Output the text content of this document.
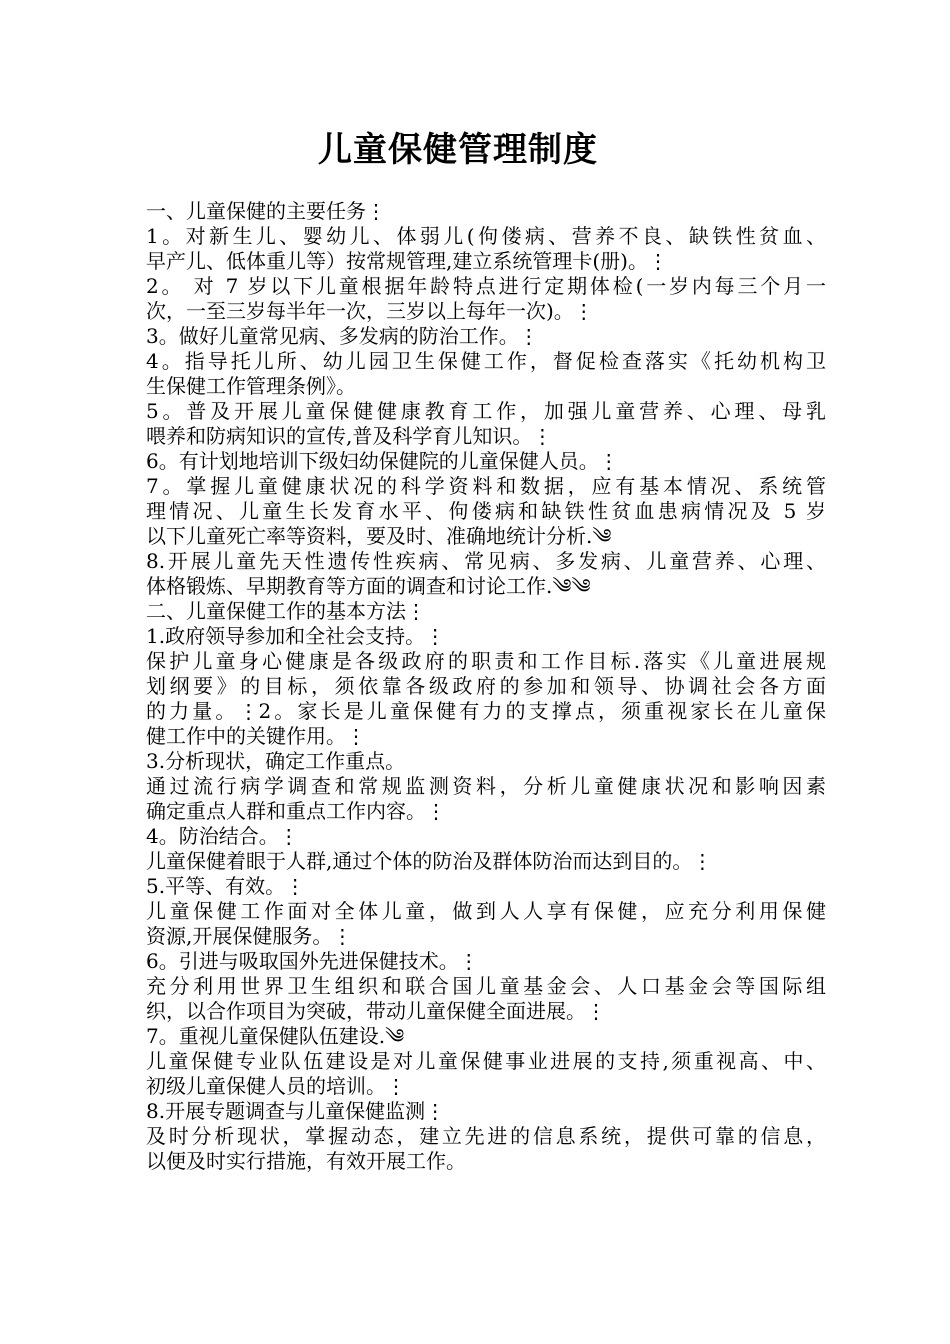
儿童保健管理制度
一、儿童保健的主要任务⋮
1。对新生儿、婴幼儿、体弱儿(佝偻病、营养不良、缺铁性贫血、
早产儿、低体重儿等）按常规管理,建立系统管理卡(册)。⋮
2。 对 7 岁以下儿童根据年龄特点进行定期体检(一岁内每三个月一
次，一至三岁每半年一次，三岁以上每年一次)。⋮
3。做好儿童常见病、多发病的防治工作。⋮
4。指导托儿所、幼儿园卫生保健工作，督促检查落实《托幼机构卫
生保健工作管理条例》。
5。普及开展儿童保健健康教育工作，加强儿童营养、心理、母乳
喂养和防病知识的宣传,普及科学育儿知识。⋮
6。有计划地培训下级妇幼保健院的儿童保健人员。⋮
7。掌握儿童健康状况的科学资料和数据，应有基本情况、系统管
理情况、儿童生长发育水平、佝偻病和缺铁性贫血患病情况及 5 岁
以下儿童死亡率等资料，要及时、准确地统计分析.༄
8.开展儿童先天性遗传性疾病、常见病、多发病、儿童营养、心理、
体格锻炼、早期教育等方面的调查和讨论工作.༄༄
二、儿童保健工作的基本方法⋮
1.政府领导参加和全社会支持。⋮
保护儿童身心健康是各级政府的职责和工作目标.落实《儿童进展规
划纲要》的目标，须依靠各级政府的参加和领导、协调社会各方面
的力量。⋮2。家长是儿童保健有力的支撑点，须重视家长在儿童保
健工作中的关键作用。⋮
3.分析现状，确定工作重点。
通过流行病学调查和常规监测资料，分析儿童健康状况和影响因素
确定重点人群和重点工作内容。⋮
4。防治结合。⋮
儿童保健着眼于人群,通过个体的防治及群体防治而达到目的。⋮
5.平等、有效。⋮
儿童保健工作面对全体儿童，做到人人享有保健，应充分利用保健
资源,开展保健服务。⋮
6。引进与吸取国外先进保健技术。⋮
充分利用世界卫生组织和联合国儿童基金会、人口基金会等国际组
织，以合作项目为突破，带动儿童保健全面进展。⋮
7。重视儿童保健队伍建设.༄
儿童保健专业队伍建设是对儿童保健事业进展的支持,须重视高、中、
初级儿童保健人员的培训。⋮
8.开展专题调查与儿童保健监测⋮
及时分析现状，掌握动态，建立先进的信息系统，提供可靠的信息，
以便及时实行措施，有效开展工作。
